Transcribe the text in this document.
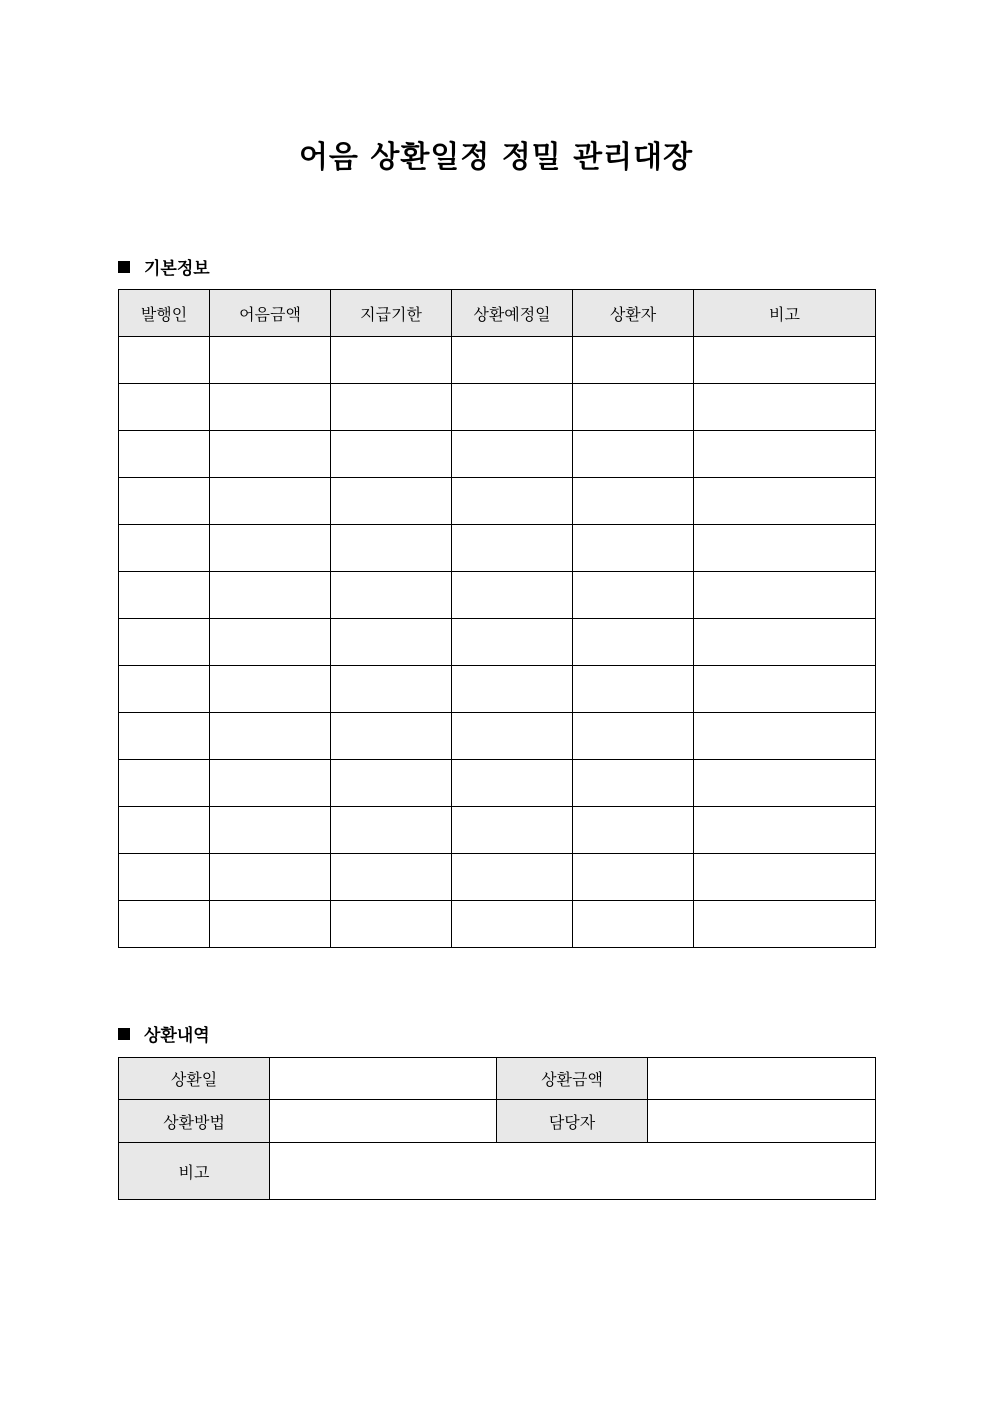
어음 상환일정 정밀 관리대장
기본정보
발행인	어음금액	지급기한	상환예정일	상환자	비고

상환내역
상환일		상환금액	
상환방법		담당자	
비고			
